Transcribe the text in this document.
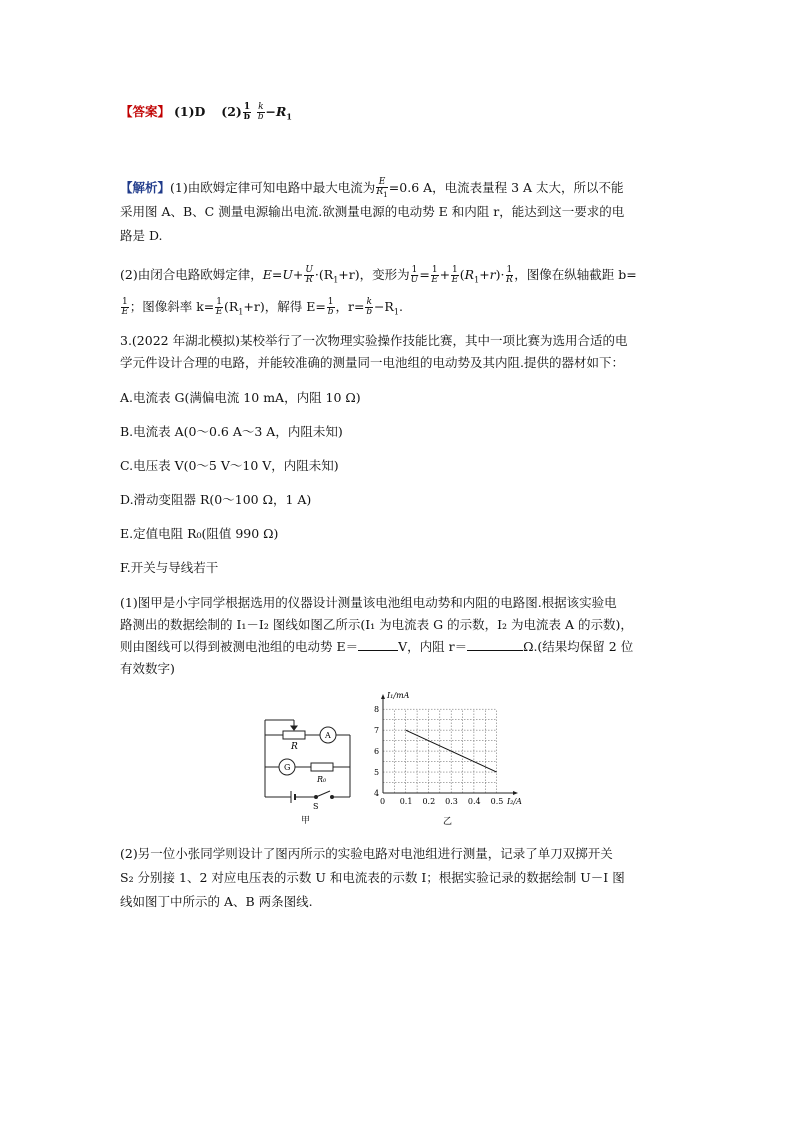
【答案】 (1)D $(2) \frac{1}{b}$
$\frac{k}{b} -R_1$
【解析】(1)由欧姆定律可知电路中最大电流为 $\frac{E}{R_1} =0.6$ A，电流表量程 3 A 太大，所以不能
采用图 A、B、C 测量电源输出电流.欲测量电源的电动势 E 和内阻 r，能达到这一要求的电
路是 D.
(2)由闭合电路欧姆定律，$E=U+ \frac{U}{R} \cdot(R_1+r)$，变形为 $\frac{1}{U} = \frac{1}{E} + \frac{1}{E} (R_1+r)\cdot \frac{1}{R}$ ，图像在纵轴截距 b=

$\frac{1}{E}$ ；图像斜率 $k= \frac{1}{E} (R_1+r)$，解得 $E= \frac{1}{b}$ ，$r= \frac{k}{b} -R_1$.
3.(2022 年湖北模拟)某校举行了一次物理实验操作技能比赛，其中一项比赛为选用合适的电
学元件设计合理的电路，并能较准确的测量同一电池组的电动势及其内阻.提供的器材如下：
A.电流表 G(满偏电流 10 mA，内阻 10 Ω)
B.电流表 A(0～0.6 A～3 A，内阻未知)
C.电压表 V(0～5 V～10 V，内阻未知)
D.滑动变阻器 R(0～100 Ω，1 A)
E.定值电阻 R₀(阻值 990 Ω)
F.开关与导线若干
(1)图甲是小宇同学根据选用的仪器设计测量该电池组电动势和内阻的电路图.根据该实验电
路测出的数据绘制的 I₁－I₂ 图线如图乙所示(I₁ 为电流表 G 的示数，I₂ 为电流表 A 的示数)，
则由图线可以得到被测电池组的电动势 E＝	V，内阻 r＝	Ω.(结果均保留 2 位
有效数字)
R
A
G
R₀
S
甲
0 0.1 0.2 0.3 0.4 0.5
4
5
6
7
8
I₁/mA
I₂/A
乙
(2)另一位小张同学则设计了图丙所示的实验电路对电池组进行测量，记录了单刀双掷开关
S₂ 分别接 1、2 对应电压表的示数 U 和电流表的示数 I；根据实验记录的数据绘制 U－I 图
线如图丁中所示的 A、B 两条图线.
